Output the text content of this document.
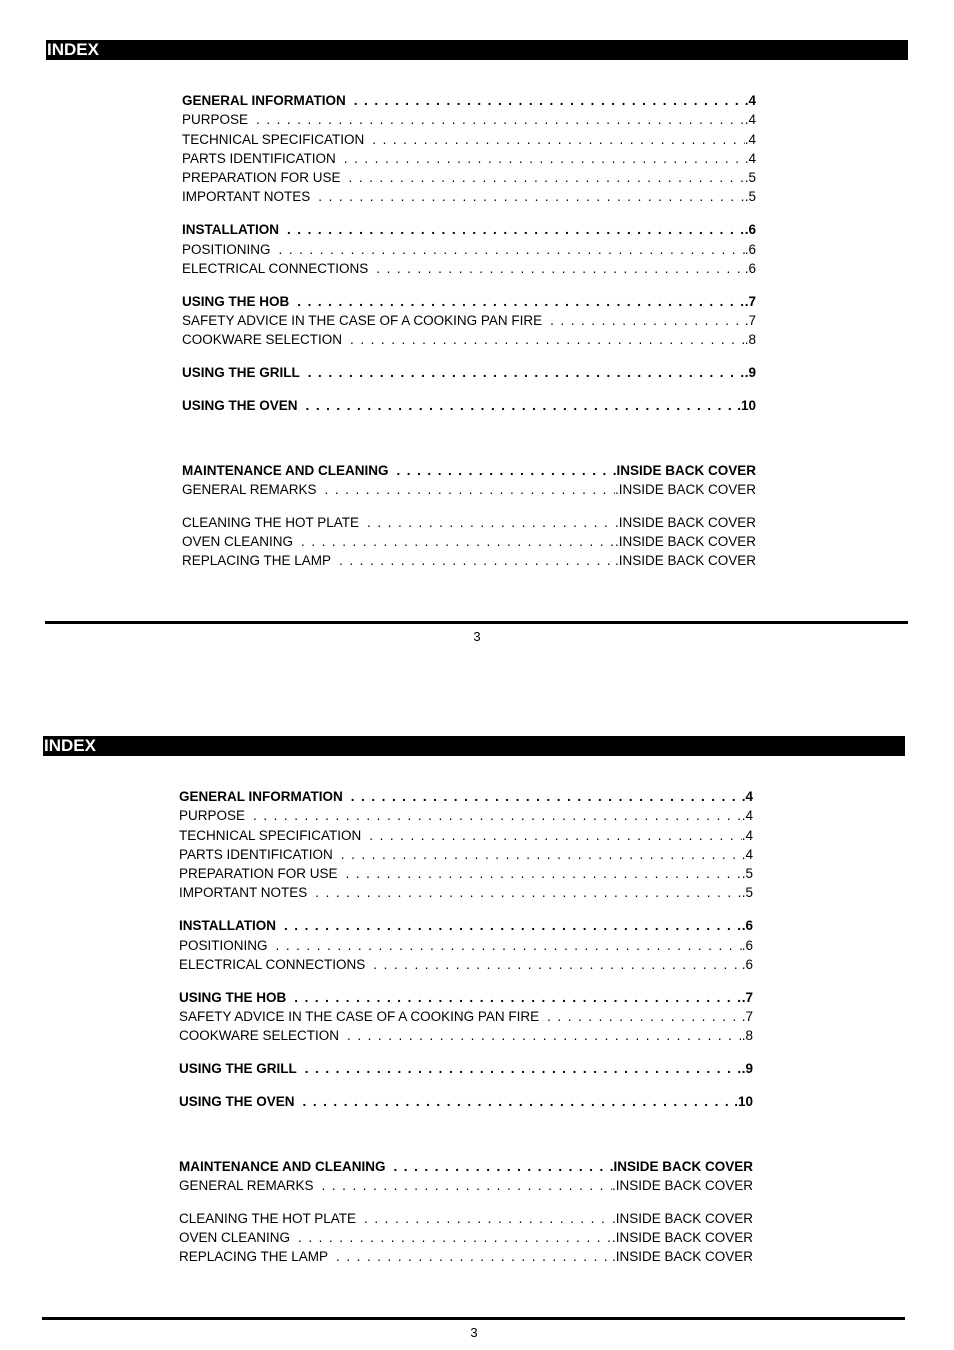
INDEX
GENERAL INFORMATION . . .	.4
PURPOSE . . .	.4
TECHNICAL SPECIFICATION . . .	.4
PARTS IDENTIFICATION . . .	.4
PREPARATION FOR USE . . .	.5
IMPORTANT NOTES . . .	.5
INSTALLATION . . .	.6
POSITIONING . . .	.6
ELECTRICAL CONNECTIONS . . .	.6
USING THE HOB . . .	.7
SAFETY ADVICE IN THE CASE OF A COOKING PAN FIRE . . .	.7
COOKWARE SELECTION . . .	.8
USING THE GRILL . . .	.9
USING THE OVEN . . .	.10
MAINTENANCE AND CLEANING . . .	.INSIDE BACK COVER
GENERAL REMARKS . . .	.INSIDE BACK COVER
CLEANING THE HOT PLATE . . .	.INSIDE BACK COVER
OVEN CLEANING . . .	.INSIDE BACK COVER
REPLACING THE LAMP . . .	.INSIDE BACK COVER
3
INDEX
GENERAL INFORMATION . . .	.4
PURPOSE . . .	.4
TECHNICAL SPECIFICATION . . .	.4
PARTS IDENTIFICATION . . .	.4
PREPARATION FOR USE . . .	.5
IMPORTANT NOTES . . .	.5
INSTALLATION . . .	.6
POSITIONING . . .	.6
ELECTRICAL CONNECTIONS . . .	.6
USING THE HOB . . .	.7
SAFETY ADVICE IN THE CASE OF A COOKING PAN FIRE . . .	.7
COOKWARE SELECTION . . .	.8
USING THE GRILL . . .	.9
USING THE OVEN . . .	.10
MAINTENANCE AND CLEANING . . .	.INSIDE BACK COVER
GENERAL REMARKS . . .	.INSIDE BACK COVER
CLEANING THE HOT PLATE . . .	.INSIDE BACK COVER
OVEN CLEANING . . .	.INSIDE BACK COVER
REPLACING THE LAMP . . .	.INSIDE BACK COVER
3
